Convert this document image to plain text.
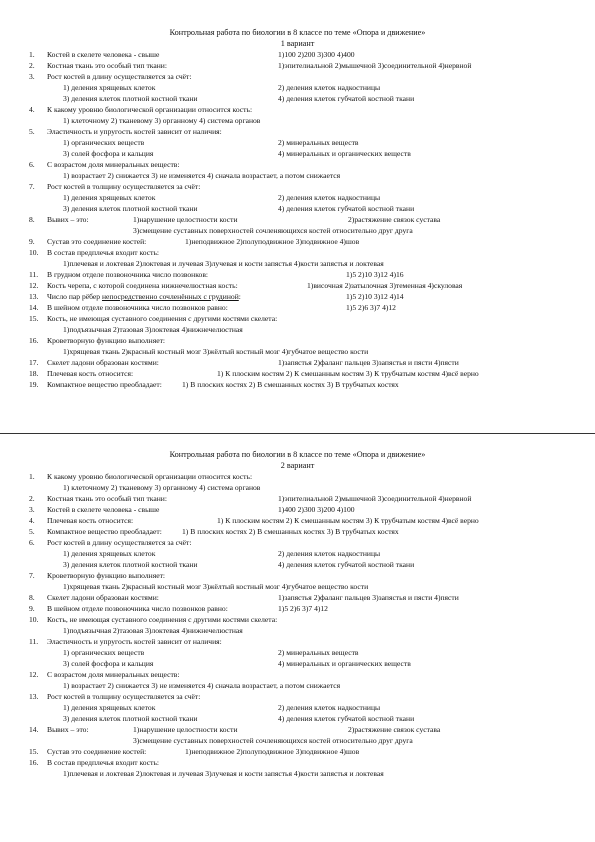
Контрольная работа по биологии в 8 классе по теме «Опора и движение»
1 вариант
1.	Костей в скелете человека - свыше	1)100 2)200 3)300 4)400
2.	Костная ткань это особый тип ткани:	1)эпителиальной 2)мышечной 3)соединительной 4)нервной
3.	Рост костей в длину осуществляется за счёт:
1) деления хрящевых клеток	2) деления клеток надкостницы
3) деления клеток плотной костной ткани	4) деления клеток губчатой костной ткани
4.	К какому уровню биологической организации относится кость:
1) клеточному 2) тканевому 3) органному 4) система органов
5.	Эластичность и упругость костей зависит от наличия:
1) органических веществ	2) минеральных веществ
3) солей фосфора и кальция	4) минеральных и органических веществ
6.	С возрастом доля минеральных веществ:
1) возрастает 2) снижается 3) не изменяется 4) сначала возрастает, а потом снижается
7.	Рост костей в толщину осуществляется за счёт:
1) деления хрящевых клеток	2) деления клеток надкостницы
3) деления клеток плотной костной ткани	4) деления клеток губчатой костной ткани
8.	Вывих – это:	1)нарушение целостности кости	2)растяжение связок сустава
3)смещение суставных поверхностей сочленяющихся костей относительно друг друга
9.	Сустав это соединение костей:	1)неподвижное 2)полуподвижное 3)подвижное 4)шов
10.	В состав предплечья входит кость:
1)плечевая и локтевая 2)локтевая и лучевая 3)лучевая и кости запястья 4)кости запястья и локтевая
11.	В грудном отделе позвоночника число позвонков:	1)5 2)10 3)12 4)16
12.	Кость черепа, с которой соединена нижнечелюстная кость:	1)височная 2)затылочная 3)теменная 4)скуловая
13.	Число пар рёбер непосредственно сочленённых с грудиной:	1)5 2)10 3)12 4)14
14.	В шейном отделе позвоночника число позвонков равно:	1)5 2)6 3)7 4)12
15.	Кость, не имеющая суставного соединения с другими костями скелета:
1)подъязычная 2)тазовая 3)локтевая 4)нижнечелюстная
16.	Кроветворную функцию выполняет:
1)хрящевая ткань 2)красный костный мозг 3)жёлтый костный мозг 4)губчатое вещество кости
17.	Скелет ладони образован костями:	1)запястья 2)фаланг пальцев 3)запястья и пясти 4)пясти
18.	Плечевая кость относится:	1) К плоским костям 2) К смешанным костям 3) К трубчатым костям 4)всё верно
19.	Компактное вещество преобладает:	1) В плоских костях 2) В смешанных костях 3) В трубчатых костях
Контрольная работа по биологии в 8 классе по теме «Опора и движение»
2 вариант
1.	К какому уровню биологической организации относится кость:
1) клеточному 2) тканевому 3) органному 4) система органов
2.	Костная ткань это особый тип ткани:	1)эпителиальной 2)мышечной 3)соединительной 4)нервной
3.	Костей в скелете человека - свыше	1)400 2)300 3)200 4)100
4.	Плечевая кость относится:	1) К плоским костям 2) К смешанным костям 3) К трубчатым костям 4)всё верно
5.	Компактное вещество преобладает:	1) В плоских костях 2) В смешанных костях 3) В трубчатых костях
6.	Рост костей в длину осуществляется за счёт:
1) деления хрящевых клеток	2) деления клеток надкостницы
3) деления клеток плотной костной ткани	4) деления клеток губчатой костной ткани
7.	Кроветворную функцию выполняет:
1)хрящевая ткань 2)красный костный мозг 3)жёлтый костный мозг 4)губчатое вещество кости
8.	Скелет ладони образован костями:	1)запястья 2)фаланг пальцев 3)запястья и пясти 4)пясти
9.	В шейном отделе позвоночника число позвонков равно:	1)5 2)6 3)7 4)12
10.	Кость, не имеющая суставного соединения с другими костями скелета:
1)подъязычная 2)тазовая 3)локтевая 4)нижнечелюстная
11.	Эластичность и упругость костей зависит от наличия:
1) органических веществ	2) минеральных веществ
3) солей фосфора и кальция	4) минеральных и органических веществ
12.	С возрастом доля минеральных веществ:
1) возрастает 2) снижается 3) не изменяется 4) сначала возрастает, а потом снижается
13.	Рост костей в толщину осуществляется за счёт:
1) деления хрящевых клеток	2) деления клеток надкостницы
3) деления клеток плотной костной ткани	4) деления клеток губчатой костной ткани
14.	Вывих – это:	1)нарушение целостности кости	2)растяжение связок сустава
3)смещение суставных поверхностей сочленяющихся костей относительно друг друга
15.	Сустав это соединение костей:	1)неподвижное 2)полуподвижное 3)подвижное 4)шов
16.	В состав предплечья входит кость:
1)плечевая и локтевая 2)локтевая и лучевая 3)лучевая и кости запястья 4)кости запястья и локтевая
